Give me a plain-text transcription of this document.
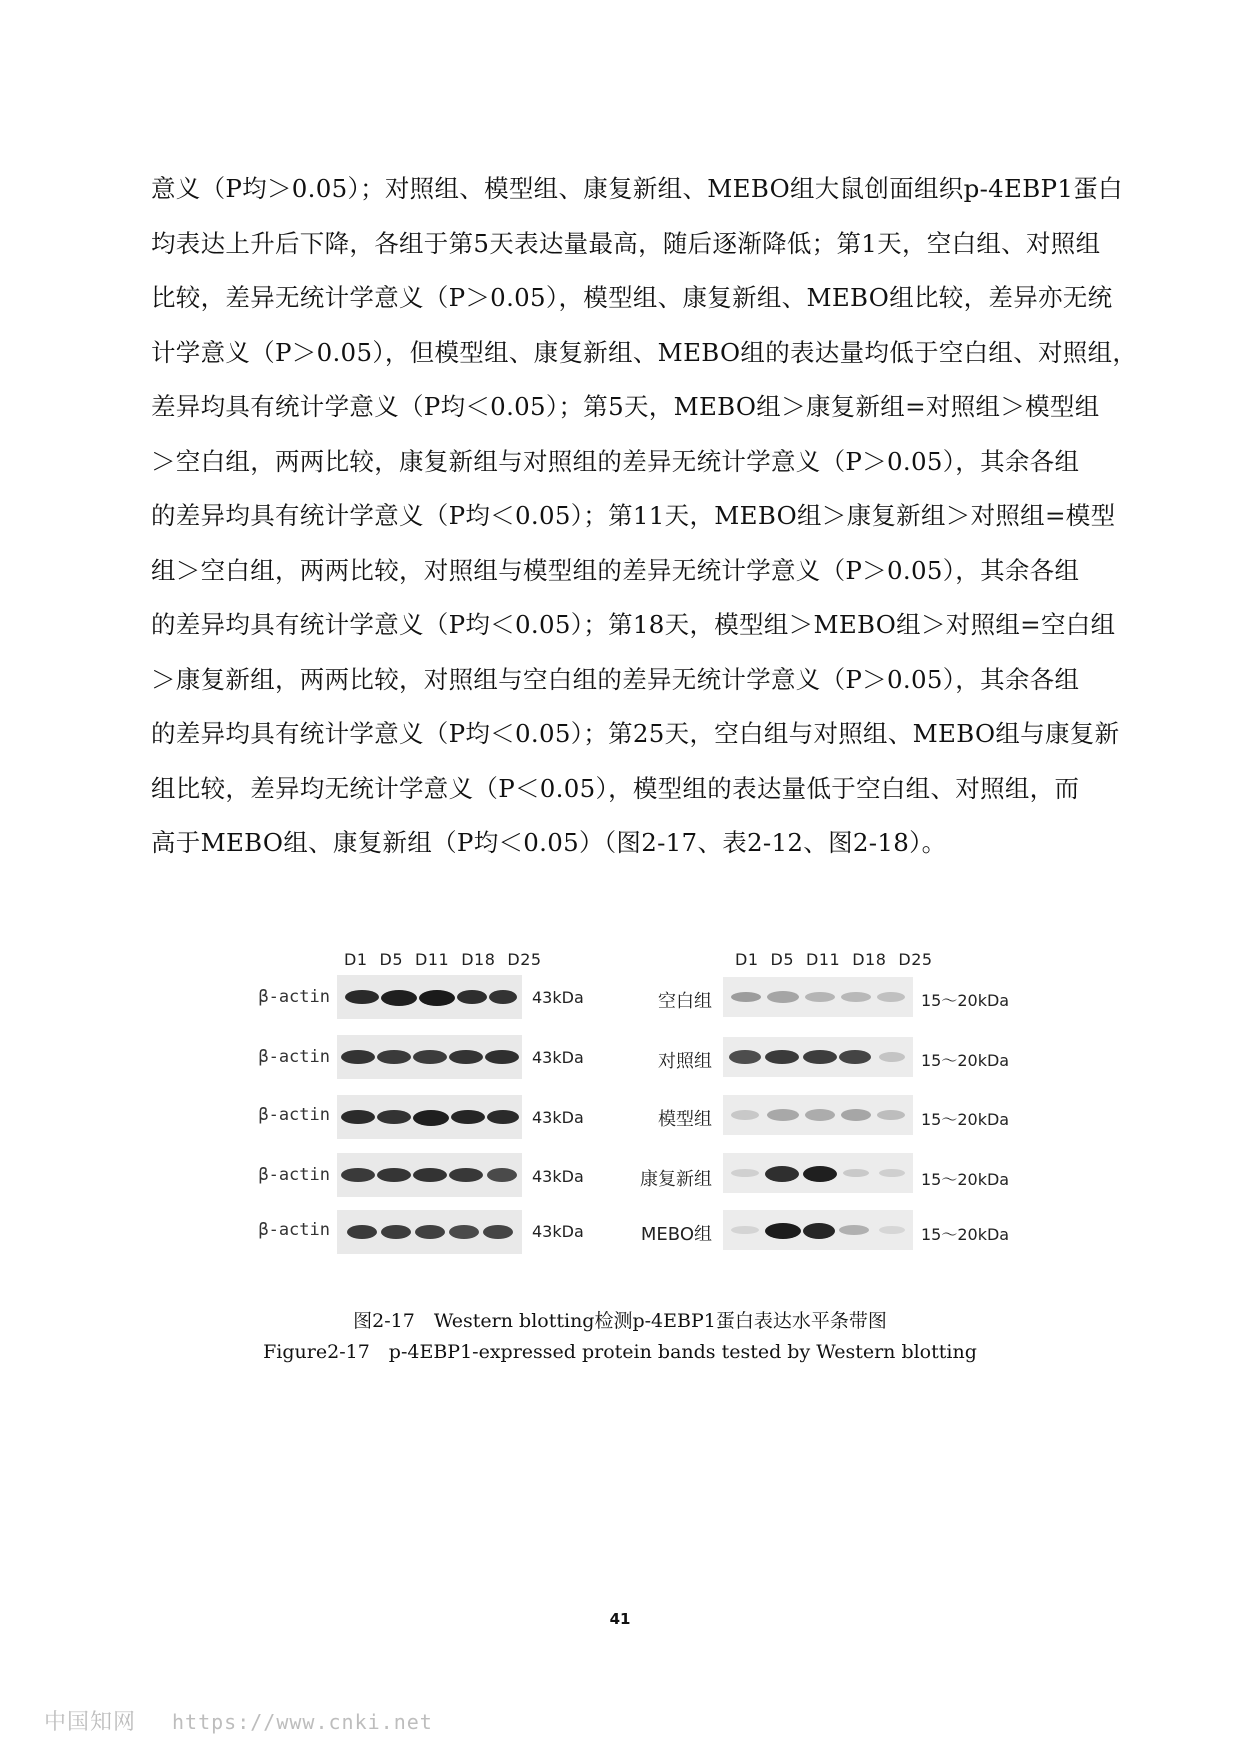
意义（P均＞0.05）；对照组、模型组、康复新组、MEBO组大鼠创面组织p-4EBP1蛋白
均表达上升后下降，各组于第5天表达量最高，随后逐渐降低；第1天，空白组、对照组
比较，差异无统计学意义（P＞0.05），模型组、康复新组、MEBO组比较，差异亦无统
计学意义（P＞0.05），但模型组、康复新组、MEBO组的表达量均低于空白组、对照组，
差异均具有统计学意义（P均＜0.05）；第5天，MEBO组＞康复新组=对照组＞模型组
＞空白组，两两比较，康复新组与对照组的差异无统计学意义（P＞0.05），其余各组
的差异均具有统计学意义（P均＜0.05）；第11天，MEBO组＞康复新组＞对照组=模型
组＞空白组，两两比较，对照组与模型组的差异无统计学意义（P＞0.05），其余各组
的差异均具有统计学意义（P均＜0.05）；第18天，模型组＞MEBO组＞对照组=空白组
＞康复新组，两两比较，对照组与空白组的差异无统计学意义（P＞0.05），其余各组
的差异均具有统计学意义（P均＜0.05）；第25天，空白组与对照组、MEBO组与康复新
组比较，差异均无统计学意义（P＜0.05），模型组的表达量低于空白组、对照组，而
高于MEBO组、康复新组（P均＜0.05）（图2-17、表2-12、图2-18）。
D1 D5 D11 D18 D25	D1 D5 D11 D18 D25
β-actin	43kDa
β-actin	43kDa
β-actin	43kDa
β-actin	43kDa
β-actin	43kDa
空白组	15～20kDa
对照组	15～20kDa
模型组	15～20kDa
康复新组	15～20kDa
MEBO组	15～20kDa
图2-17　Western blotting检测p-4EBP1蛋白表达水平条带图
Figure2-17　p-4EBP1-expressed protein bands tested by Western blotting
41
中国知网 https://www.cnki.net
